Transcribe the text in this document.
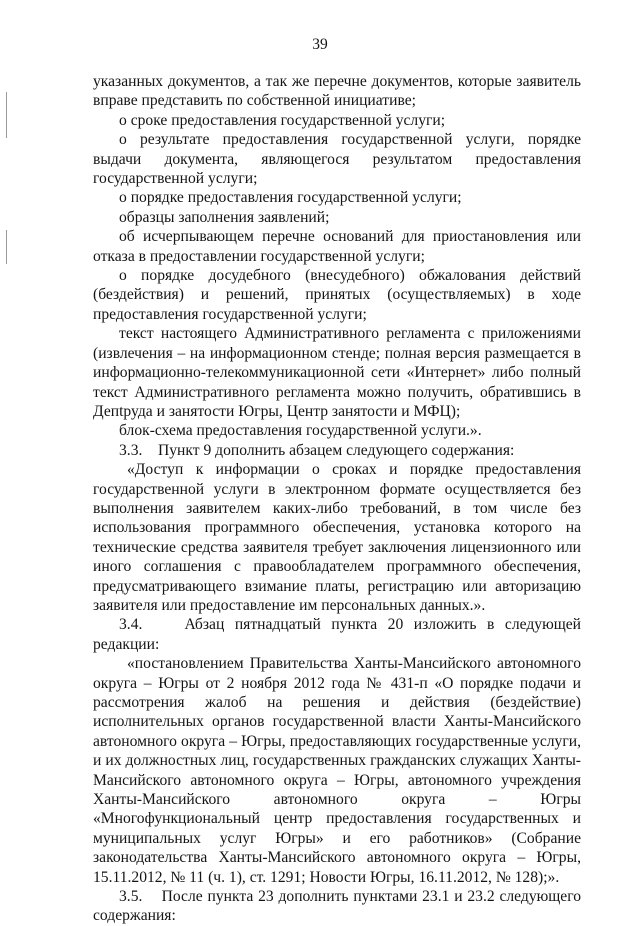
39

указанных документов, а так же перечне документов, которые заявитель вправе представить по собственной инициативе;

о сроке предоставления государственной услуги;

о результате предоставления государственной услуги, порядке выдачи документа, являющегося результатом предоставления государственной услуги;

о порядке предоставления государственной услуги;

образцы заполнения заявлений;

об исчерпывающем перечне оснований для приостановления или отказа в предоставлении государственной услуги;

о порядке досудебного (внесудебного) обжалования действий (бездействия) и решений, принятых (осуществляемых) в ходе предоставления государственной услуги;

текст настоящего Административного регламента с приложениями (извлечения – на информационном стенде; полная версия размещается в информационно-телекоммуникационной сети «Интернет» либо полный текст Административного регламента можно получить, обратившись в Депtруда и занятости Югры, Центр занятости и МФЦ);

блок-схема предоставления государственной услуги.».

3.3.    Пункт 9 дополнить абзацем следующего содержания:

«Доступ к информации о сроках и порядке предоставления государственной услуги в электронном формате осуществляется без выполнения заявителем каких-либо требований, в том числе без использования программного обеспечения, установка которого на технические средства заявителя требует заключения лицензионного или иного соглашения с правообладателем программного обеспечения, предусматривающего взимание платы, регистрацию или авторизацию заявителя или предоставление им персональных данных.».

3.4.    Абзац пятнадцатый пункта 20 изложить в следующей редакции:

«постановлением Правительства Ханты-Мансийского автономного округа – Югры от 2 ноября 2012 года № 431-п «О порядке подачи и рассмотрения жалоб на решения и действия (бездействие) исполнительных органов государственной власти Ханты-Мансийского автономного округа – Югры, предоставляющих государственные услуги, и их должностных лиц, государственных гражданских служащих Ханты-Мансийского автономного округа – Югры, автономного учреждения Ханты-Мансийского автономного округа – Югры «Многофункциональный центр предоставления государственных и муниципальных услуг Югры» и его работников» (Собрание законодательства Ханты-Мансийского автономного округа – Югры, 15.11.2012, № 11 (ч. 1), ст. 1291; Новости Югры, 16.11.2012, № 128);».

3.5.    После пункта 23 дополнить пунктами 23.1 и 23.2 следующего содержания:
